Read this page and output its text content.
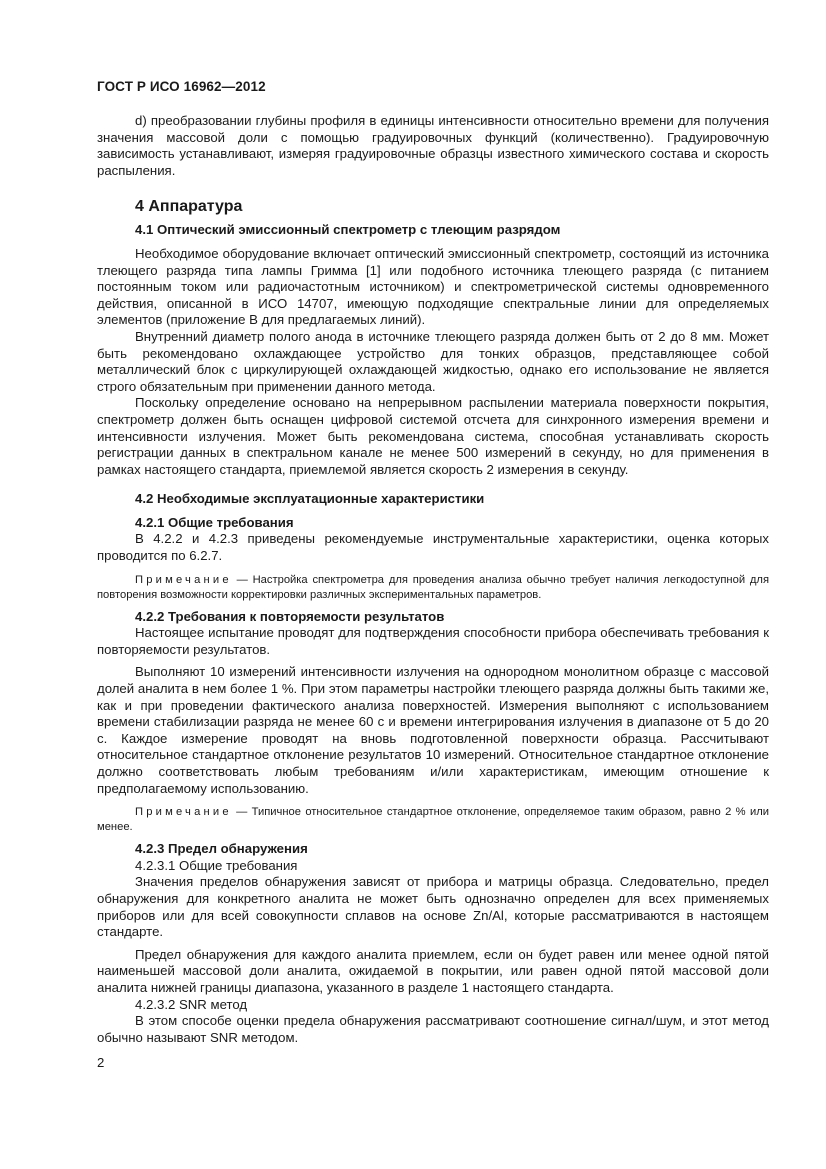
ГОСТ Р ИСО 16962—2012

d) преобразовании глубины профиля в единицы интенсивности относительно времени для получения значения массовой доли с помощью градуировочных функций (количественно). Градуировочную зависимость устанавливают, измеряя градуировочные образцы известного химического состава и скорость распыления.

4 Аппаратура
4.1 Оптический эмиссионный спектрометр с тлеющим разрядом

Необходимое оборудование включает оптический эмиссионный спектрометр, состоящий из источника тлеющего разряда типа лампы Гримма [1] или подобного источника тлеющего разряда (с питанием постоянным током или радиочастотным источником) и спектрометрической системы одновременного действия, описанной в ИСО 14707, имеющую подходящие спектральные линии для определяемых элементов (приложение В для предлагаемых линий).

Внутренний диаметр полого анода в источнике тлеющего разряда должен быть от 2 до 8 мм. Может быть рекомендовано охлаждающее устройство для тонких образцов, представляющее собой металлический блок с циркулирующей охлаждающей жидкостью, однако его использование не является строго обязательным при применении данного метода.

Поскольку определение основано на непрерывном распылении материала поверхности покрытия, спектрометр должен быть оснащен цифровой системой отсчета для синхронного измерения времени и интенсивности излучения. Может быть рекомендована система, способная устанавливать скорость регистрации данных в спектральном канале не менее 500 измерений в секунду, но для применения в рамках настоящего стандарта, приемлемой является скорость 2 измерения в секунду.

4.2 Необходимые эксплуатационные характеристики
4.2.1 Общие требования

В 4.2.2 и 4.2.3 приведены рекомендуемые инструментальные характеристики, оценка которых проводится по 6.2.7.

Примечание — Настройка спектрометра для проведения анализа обычно требует наличия легкодоступной для повторения возможности корректировки различных экспериментальных параметров.
4.2.2 Требования к повторяемости результатов

Настоящее испытание проводят для подтверждения способности прибора обеспечивать требования к повторяемости результатов.

Выполняют 10 измерений интенсивности излучения на однородном монолитном образце с массовой долей аналита в нем более 1 %. При этом параметры настройки тлеющего разряда должны быть такими же, как и при проведении фактического анализа поверхностей. Измерения выполняют с использованием времени стабилизации разряда не менее 60 с и времени интегрирования излучения в диапазоне от 5 до 20 с. Каждое измерение проводят на вновь подготовленной поверхности образца. Рассчитывают относительное стандартное отклонение результатов 10 измерений. Относительное стандартное отклонение должно соответствовать любым требованиям и/или характеристикам, имеющим отношение к предполагаемому использованию.

Примечание — Типичное относительное стандартное отклонение, определяемое таким образом, равно 2 % или менее.
4.2.3 Предел обнаружения
4.2.3.1 Общие требования

Значения пределов обнаружения зависят от прибора и матрицы образца. Следовательно, предел обнаружения для конкретного аналита не может быть однозначно определен для всех применяемых приборов или для всей совокупности сплавов на основе Zn/Al, которые рассматриваются в настоящем стандарте.

Предел обнаружения для каждого аналита приемлем, если он будет равен или менее одной пятой наименьшей массовой доли аналита, ожидаемой в покрытии, или равен одной пятой массовой доли аналита нижней границы диапазона, указанного в разделе 1 настоящего стандарта.

4.2.3.2 SNR метод

В этом способе оценки предела обнаружения рассматривают соотношение сигнал/шум, и этот метод обычно называют SNR методом.

2
